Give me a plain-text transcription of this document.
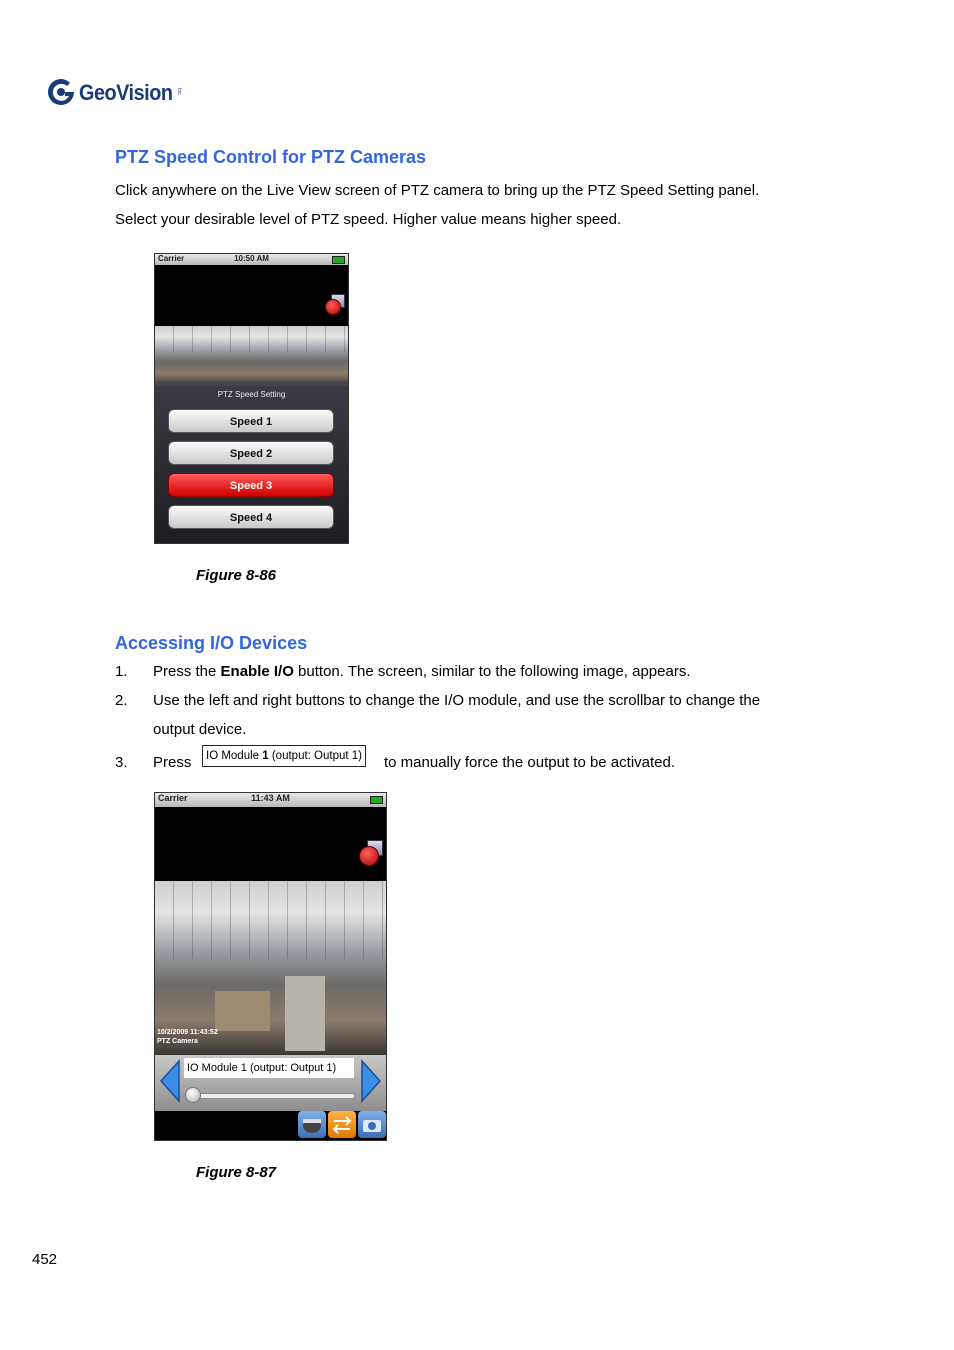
GeoVision Inc.
PTZ Speed Control for PTZ Cameras
Click anywhere on the Live View screen of PTZ camera to bring up the PTZ Speed Setting panel.
Select your desirable level of PTZ speed. Higher value means higher speed.
Carrier	10:50 AM
PTZ Speed Setting
Speed 1
Speed 2
Speed 3
Speed 4
Figure 8-86
Accessing I/O Devices
1. Press the Enable I/O button. The screen, similar to the following image, appears.
2. Use the left and right buttons to change the I/O module, and use the scrollbar to change the
output device.
3. Press	IO Module 1 (output: Output 1) to manually force the output to be activated.
Carrier	11:43 AM
10/2/2009 11:43:52
PTZ Camera
IO Module 1 (output: Output 1)
Figure 8-87
452
